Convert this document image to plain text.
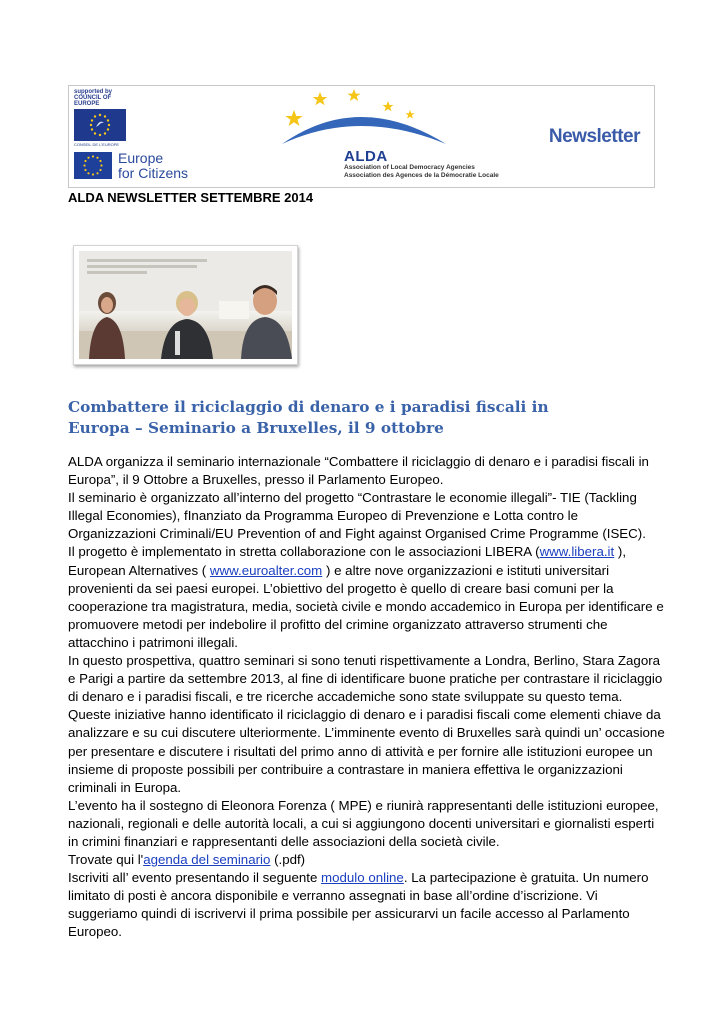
supported by
COUNCIL OF EUROPE
CONSEIL DE L'EUROPE
Europe
for Citizens
ALDA
Association of Local Democracy Agencies
Association des Agences de la Démocratie Locale
Newsletter
ALDA NEWSLETTER SETTEMBRE 2014
Combattere il riciclaggio di denaro e i paradisi fiscali in Europa – Seminario a Bruxelles, il 9 ottobre

ALDA organizza il seminario internazionale “Combattere il riciclaggio di denaro e i paradisi fiscali in Europa”, il 9 Ottobre a Bruxelles, presso il Parlamento Europeo.

Il seminario è organizzato all’interno del progetto “Contrastare le economie illegali”- TIE (Tackling Illegal Economies), fInanziato da Programma Europeo di Prevenzione e Lotta contro le Organizzazioni Criminali/EU Prevention of and Fight against Organised Crime Programme (ISEC).

Il progetto è implementato in stretta collaborazione con le associazioni LIBERA (www.libera.it ), European Alternatives ( www.euroalter.com ) e altre nove organizzazioni e istituti universitari provenienti da sei paesi europei. L’obiettivo del progetto è quello di creare basi comuni per la cooperazione tra magistratura, media, società civile e mondo accademico in Europa per identificare e promuovere metodi per indebolire il profitto del crimine organizzato attraverso strumenti che attacchino i patrimoni illegali.

In questo prospettiva, quattro seminari si sono tenuti rispettivamente a Londra, Berlino, Stara Zagora e Parigi a partire da settembre 2013, al fine di identificare buone pratiche per contrastare il riciclaggio di denaro e i paradisi fiscali, e tre ricerche accademiche sono state sviluppate su questo tema. Queste iniziative hanno identificato il riciclaggio di denaro e i paradisi fiscali come elementi chiave da analizzare e su cui discutere ulteriormente. L’imminente evento di Bruxelles sarà quindi un’ occasione per presentare e discutere i risultati del primo anno di attività e per fornire alle istituzioni europee un insieme di proposte possibili per contribuire a contrastare in maniera effettiva le organizzazioni criminali in Europa.

L’evento ha il sostegno di Eleonora Forenza ( MPE) e riunirà rappresentanti delle istituzioni europee, nazionali, regionali e delle autorità locali, a cui si aggiungono docenti universitari e giornalisti esperti in crimini finanziari e rappresentanti delle associazioni della società civile.

Trovate qui l'agenda del seminario (.pdf)

Iscriviti all’ evento presentando il seguente modulo online. La partecipazione è gratuita. Un numero limitato di posti è ancora disponibile e verranno assegnati in base all’ordine d’iscrizione. Vi suggeriamo quindi di iscrivervi il prima possibile per assicurarvi un facile accesso al Parlamento Europeo.
